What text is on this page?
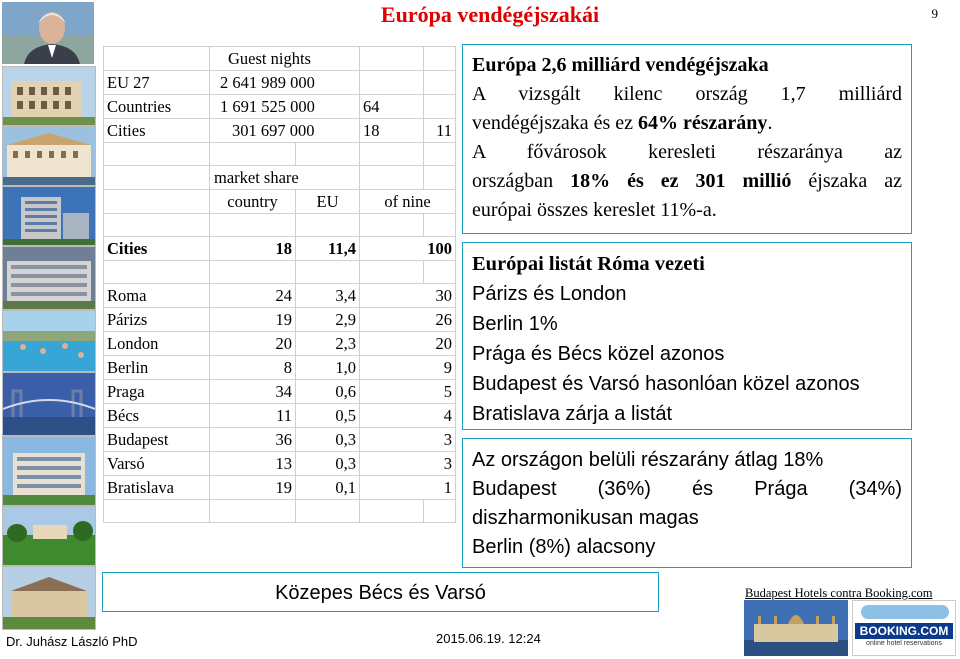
Európa vendégéjszakái	9
	Guest nights			
EU 27	2 641 989 000			
Countries	1 691 525 000		64	
Cities	301 697 000		18	11

	market share			
	country	EU	of nine	

Cities	18	11,4	100	

Roma	24	3,4	30	
Párizs	19	2,9	26	
London	20	2,3	20	
Berlin	8	1,0	9	
Praga	34	0,6	5	
Bécs	11	0,5	4	
Budapest	36	0,3	3	
Varsó	13	0,3	3	
Bratislava	19	0,1	1	

Európa 2,6 milliárd vendégéjszaka
A vizsgált kilenc ország 1,7 milliárd
vendégéjszaka és ez 64% részarány.
A fővárosok keresleti részaránya az
országban 18% és ez 301 millió éjszaka az
európai összes kereslet 11%-a.
Európai listát Róma vezeti
Párizs és London
Berlin 1%
Prága és Bécs közel azonos
Budapest és Varsó hasonlóan közel azonos
Bratislava zárja a listát
Az országon belüli részarány átlag 18%
Budapest (36%) és Prága (34%)
diszharmonikusan magas
Berlin (8%) alacsony
Közepes Bécs és Varsó
Dr. Juhász László PhD	2015.06.19. 12:24
Budapest Hotels contra Booking.com
BOOKING.COM
online hotel reservations
